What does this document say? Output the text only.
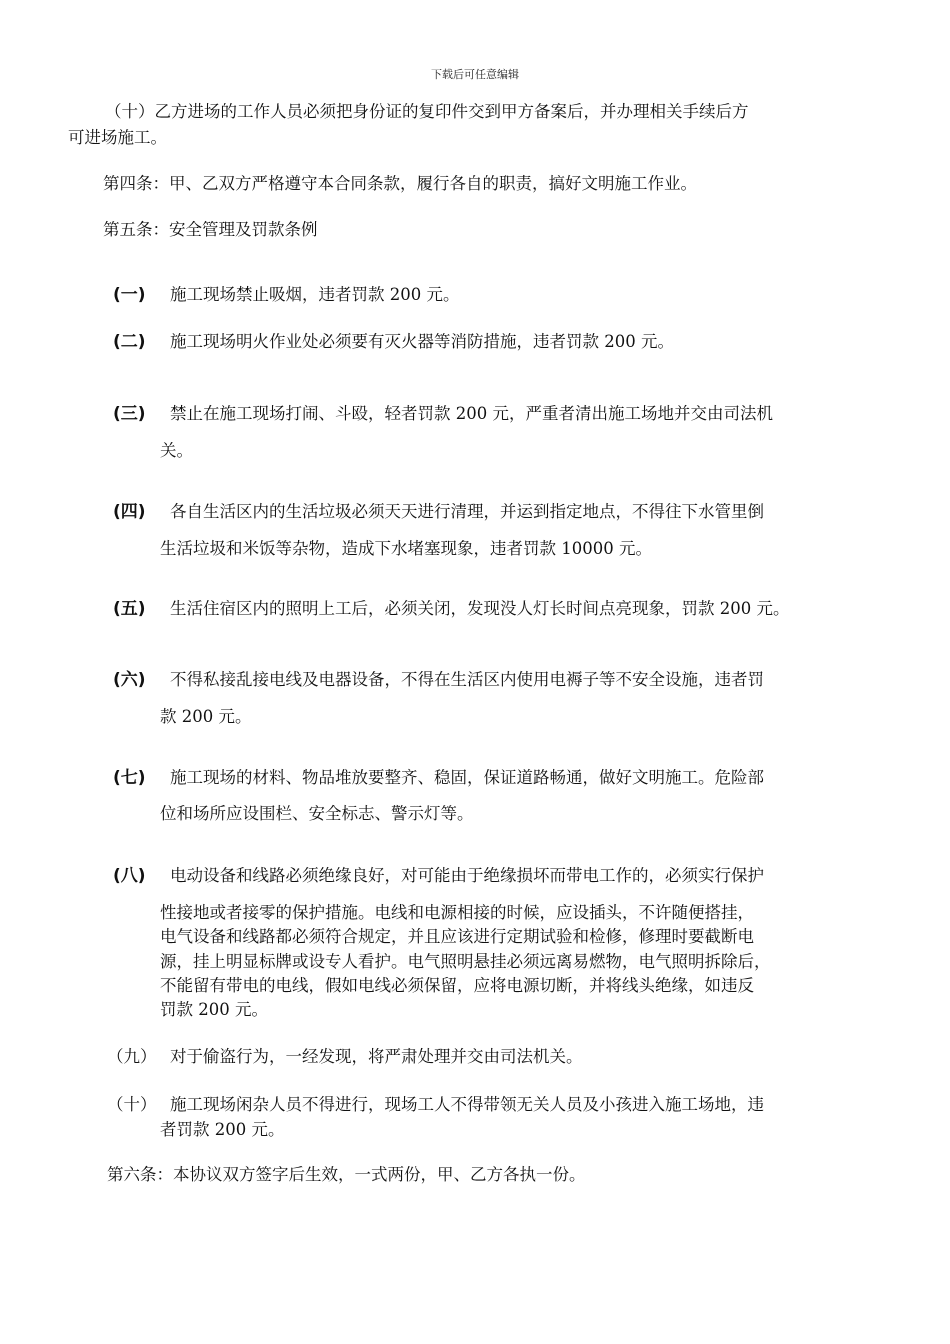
下载后可任意编辑
（十）乙方进场的工作人员必须把身份证的复印件交到甲方备案后，并办理相关手续后方
可进场施工。
第四条：甲、乙双方严格遵守本合同条款，履行各自的职责，搞好文明施工作业。
第五条：安全管理及罚款条例
(一) 施工现场禁止吸烟，违者罚款 200 元。
(二) 施工现场明火作业处必须要有灭火器等消防措施，违者罚款 200 元。
(三) 禁止在施工现场打闹、斗殴，轻者罚款 200 元，严重者清出施工场地并交由司法机
关。
(四) 各自生活区内的生活垃圾必须天天进行清理，并运到指定地点，不得往下水管里倒
生活垃圾和米饭等杂物，造成下水堵塞现象，违者罚款 10000 元。
(五) 生活住宿区内的照明上工后，必须关闭，发现没人灯长时间点亮现象，罚款 200 元。
(六) 不得私接乱接电线及电器设备，不得在生活区内使用电褥子等不安全设施，违者罚
款 200 元。
(七) 施工现场的材料、物品堆放要整齐、稳固，保证道路畅通，做好文明施工。危险部
位和场所应设围栏、安全标志、警示灯等。
(八) 电动设备和线路必须绝缘良好，对可能由于绝缘损坏而带电工作的，必须实行保护
性接地或者接零的保护措施。电线和电源相接的时候，应设插头，不许随便搭挂，
电气设备和线路都必须符合规定，并且应该进行定期试验和检修，修理时要截断电
源，挂上明显标牌或设专人看护。电气照明悬挂必须远离易燃物，电气照明拆除后，
不能留有带电的电线，假如电线必须保留，应将电源切断，并将线头绝缘，如违反
罚款 200 元。
（九） 对于偷盗行为，一经发现，将严肃处理并交由司法机关。
（十） 施工现场闲杂人员不得进行，现场工人不得带领无关人员及小孩进入施工场地，违
者罚款 200 元。
第六条：本协议双方签字后生效，一式两份，甲、乙方各执一份。
